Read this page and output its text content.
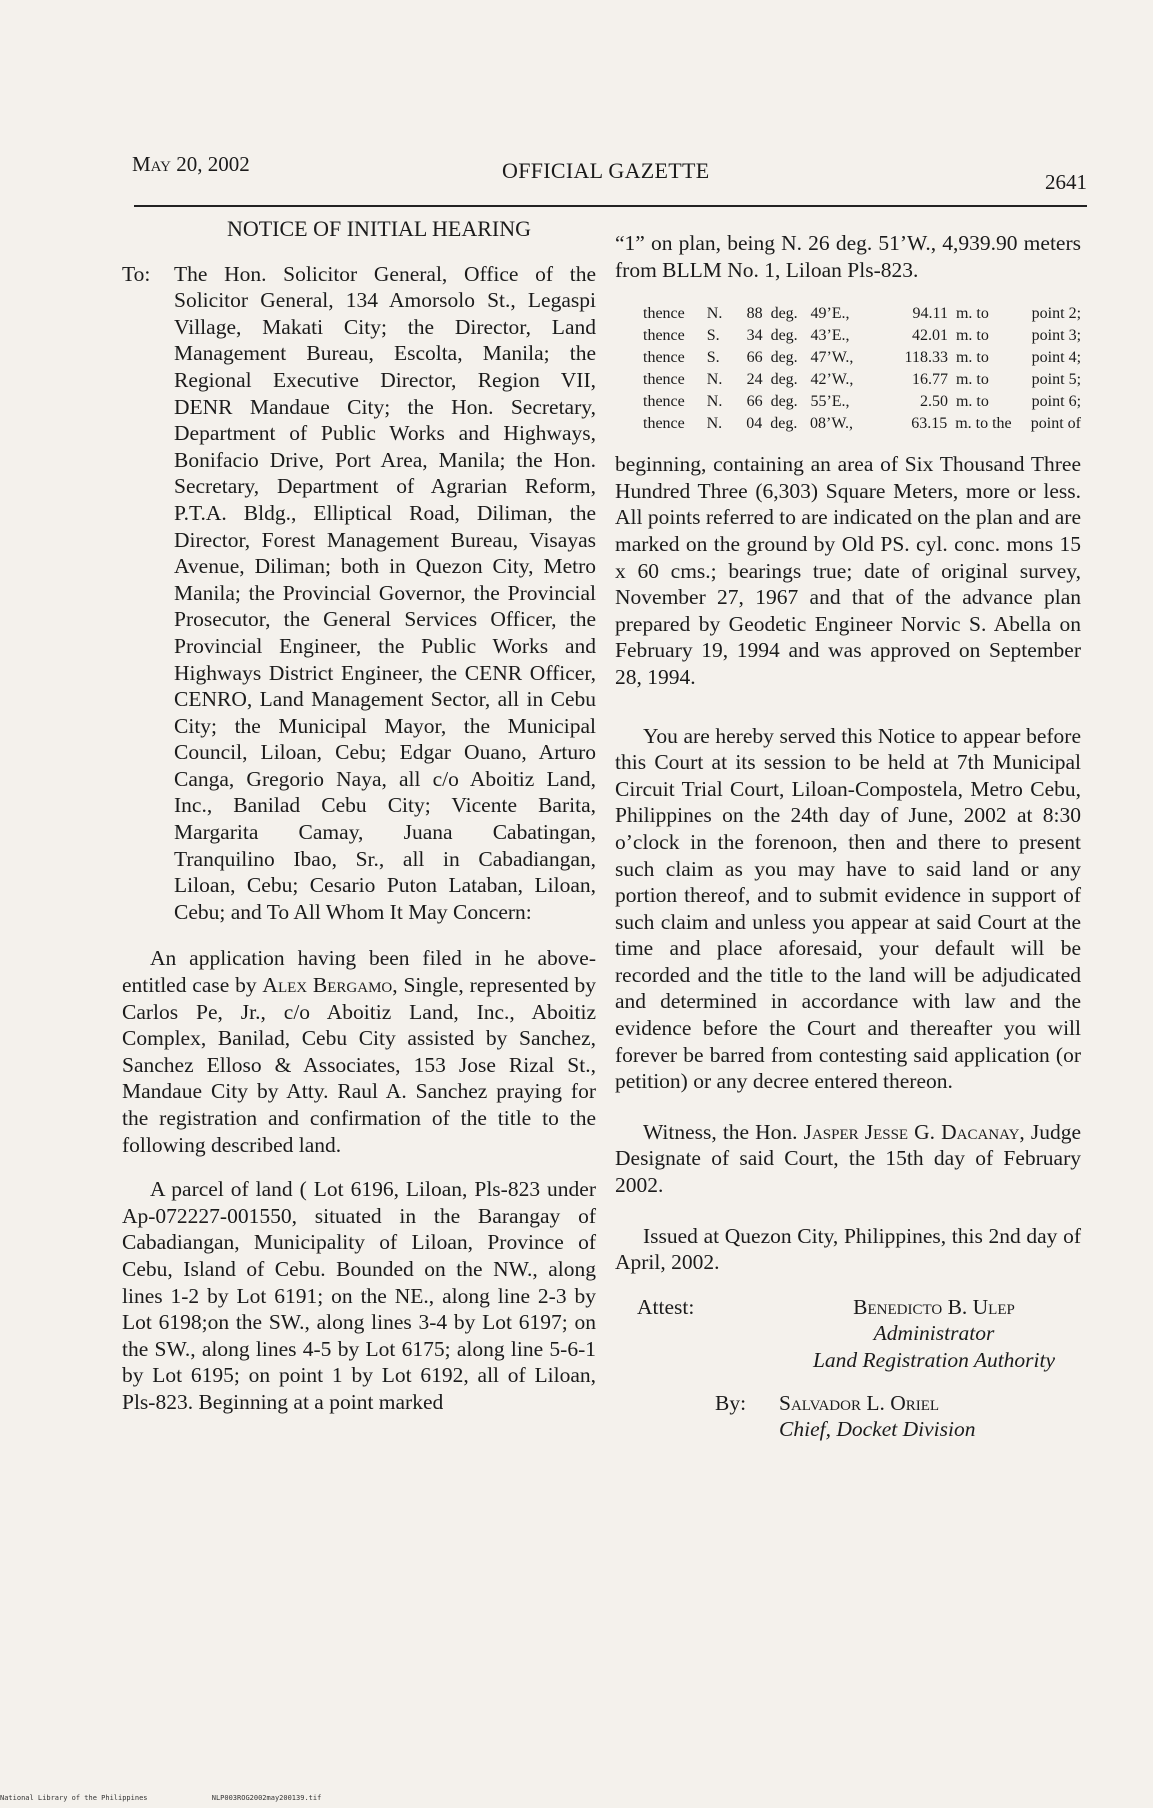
May 20, 2002	OFFICIAL GAZETTE	2641
NOTICE OF INITIAL HEARING
To:	The Hon. Solicitor General, Office of the Solicitor General, 134 Amorsolo St., Legaspi Village, Makati City; the Director, Land Management Bureau, Escolta, Manila; the Regional Executive Director, Region VII, DENR Mandaue City; the Hon. Secretary, Department of Public Works and Highways, Bonifacio Drive, Port Area, Manila; the Hon. Secretary, Department of Agrarian Reform, P.T.A. Bldg., Elliptical Road, Diliman, the Director, Forest Management Bureau, Visayas Avenue, Diliman; both in Quezon City, Metro Manila; the Provincial Governor, the Provincial Prosecutor, the General Services Officer, the Provincial Engineer, the Public Works and Highways District Engineer, the CENR Officer, CENRO, Land Management Sector, all in Cebu City; the Municipal Mayor, the Municipal Council, Liloan, Cebu; Edgar Ouano, Arturo Canga, Gregorio Naya, all c/o Aboitiz Land, Inc., Banilad Cebu City; Vicente Barita, Margarita Camay, Juana Cabatingan, Tranquilino Ibao, Sr., all in Cabadiangan, Liloan, Cebu; Cesario Puton Lataban, Liloan, Cebu; and To All Whom It May Concern:

An application having been filed in he above-entitled case by Alex Bergamo, Single, represented by Carlos Pe, Jr., c/o Aboitiz Land, Inc., Aboitiz Complex, Banilad, Cebu City assisted by Sanchez, Sanchez Elloso & Associates, 153 Jose Rizal St., Mandaue City by Atty. Raul A. Sanchez praying for the registration and confirmation of the title to the following described land.

A parcel of land ( Lot 6196, Liloan, Pls-823 under Ap-072227-001550, situated in the Barangay of Cabadiangan, Municipality of Liloan, Province of Cebu, Island of Cebu. Bounded on the NW., along lines 1-2 by Lot 6191; on the NE., along line 2-3 by Lot 6198;on the SW., along lines 3-4 by Lot 6197; on the SW., along lines 4-5 by Lot 6175; along line 5-6-1 by Lot 6195; on point 1 by Lot 6192, all of Liloan, Pls-823. Beginning at a point marked

“1” on plan, being N. 26 deg. 51’W., 4,939.90 meters from BLLM No. 1, Liloan Pls-823.
thence	N.	88 deg. 49’E.,	94.11 m. to	point 2;
thence	S.	34 deg. 43’E.,	42.01 m. to	point 3;
thence	S.	66 deg. 47’W.,	118.33 m. to	point 4;
thence	N.	24 deg. 42’W.,	16.77 m. to	point 5;
thence	N.	66 deg. 55’E.,	2.50 m. to	point 6;
thence	N.	04 deg. 08’W.,	63.15 m. to the	point of
beginning, containing an area of Six Thousand Three Hundred Three (6,303) Square Meters, more or less. All points referred to are indicated on the plan and are marked on the ground by Old PS. cyl. conc. mons 15 x 60 cms.; bearings true; date of original survey, November 27, 1967 and that of the advance plan prepared by Geodetic Engineer Norvic S. Abella on February 19, 1994 and was approved on September 28, 1994.

You are hereby served this Notice to appear before this Court at its session to be held at 7th Municipal Circuit Trial Court, Liloan-Compostela, Metro Cebu, Philippines on the 24th day of June, 2002 at 8:30 o’clock in the forenoon, then and there to present such claim as you may have to said land or any portion thereof, and to submit evidence in support of such claim and unless you appear at said Court at the time and place aforesaid, your default will be recorded and the title to the land will be adjudicated and determined in accordance with law and the evidence before the Court and thereafter you will forever be barred from contesting said application (or petition) or any decree entered thereon.

Witness, the Hon. Jasper Jesse G. Dacanay, Judge Designate of said Court, the 15th day of February 2002.

Issued at Quezon City, Philippines, this 2nd day of April, 2002.

Attest:	Benedicto B. Ulep
Administrator
Land Registration Authority
By:	Salvador L. Oriel
Chief, Docket Division
National Library of the Philippines	NLP003ROG2002may200139.tif
